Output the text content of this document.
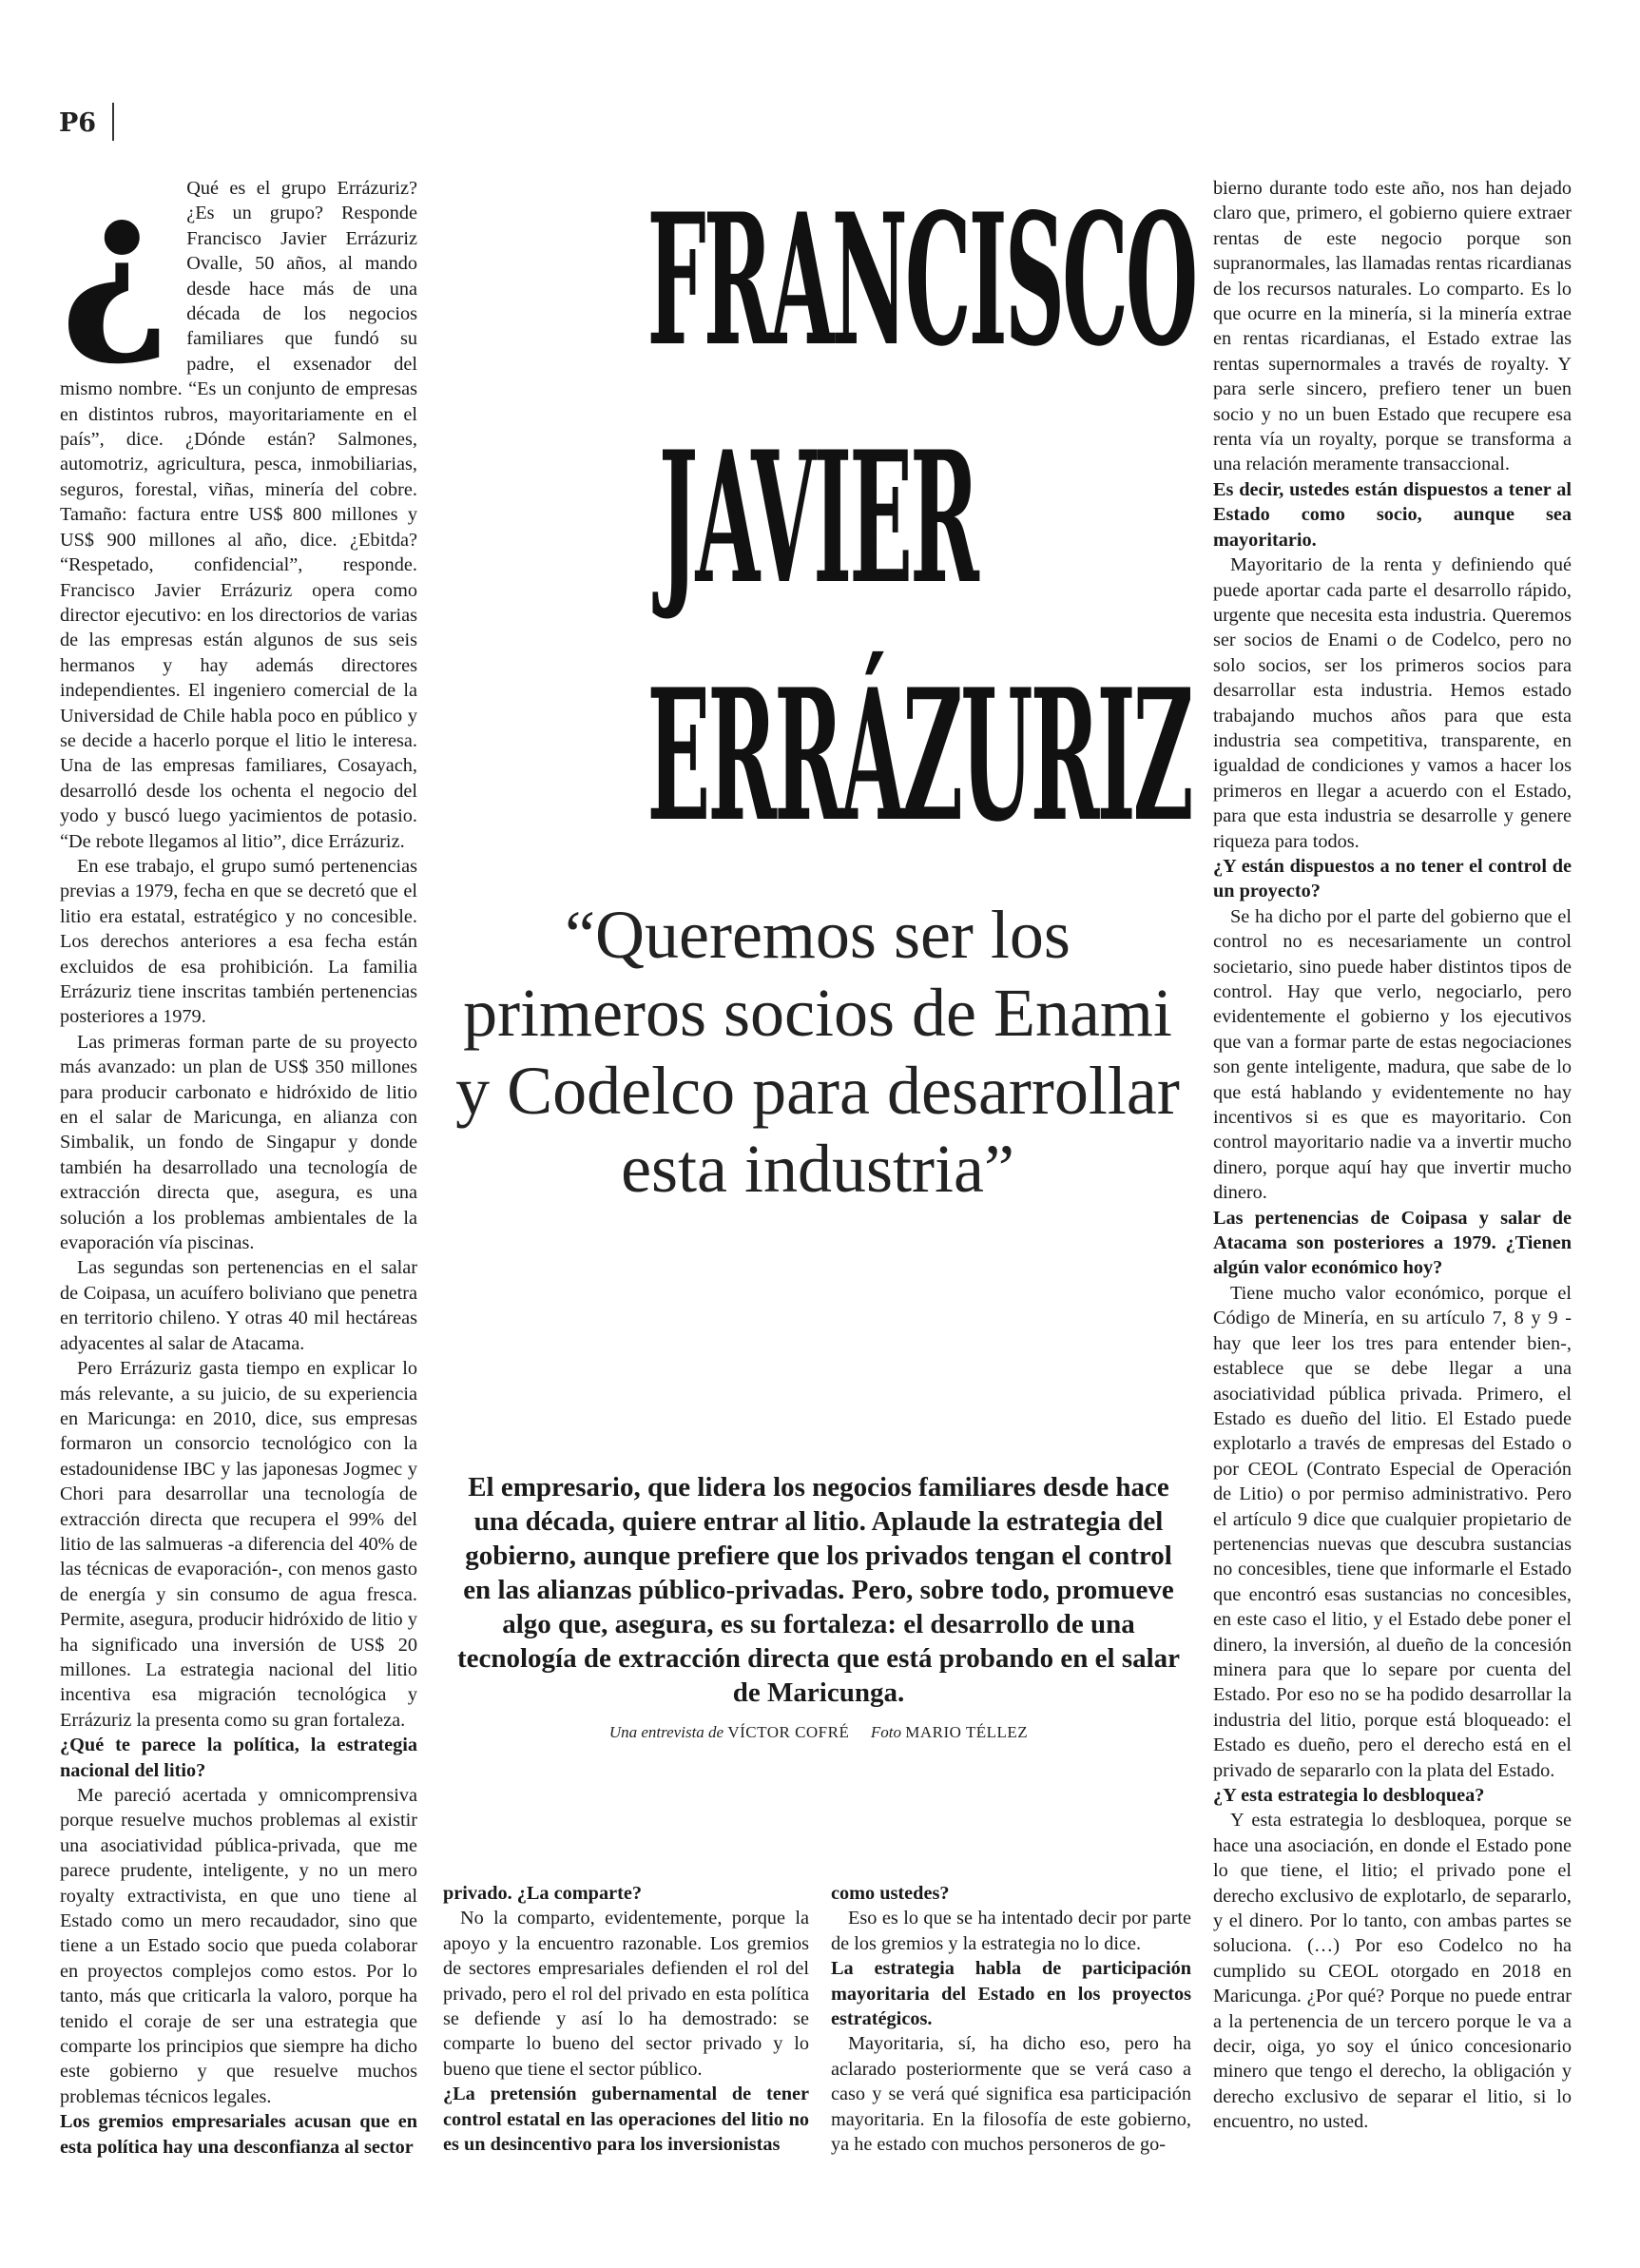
P6
FRANCISCO
JAVIER
ERRÁZURIZ

“Queremos ser los primeros socios de Enami y Codelco para desarrollar esta industria”

El empresario, que lidera los negocios familiares desde hace una década, quiere entrar al litio. Aplaude la estrategia del gobierno, aunque prefiere que los privados tengan el control en las alianzas público-privadas. Pero, sobre todo, promueve algo que, asegura, es su fortaleza: el desarrollo de una tecnología de extracción directa que está probando en el salar de Maricunga.

Una entrevista de VÍCTOR COFRÉ Foto MARIO TÉLLEZ

¿ Qué es el grupo Errázuriz? ¿Es un grupo? Responde Francisco Javier Errázuriz Ovalle, 50 años, al mando desde hace más de una década de los negocios familiares que fundó su padre, el exsenador del mismo nombre. “Es un conjunto de empresas en distintos rubros, mayoritariamente en el país”, dice. ¿Dónde están? Salmones, automotriz, agricultura, pesca, inmobiliarias, seguros, forestal, viñas, minería del cobre. Tamaño: factura entre US$ 800 millones y US$ 900 millones al año, dice. ¿Ebitda? “Respetado, confidencial”, responde. Francisco Javier Errázuriz opera como director ejecutivo: en los directorios de varias de las empresas están algunos de sus seis hermanos y hay además directores independientes. El ingeniero comercial de la Universidad de Chile habla poco en público y se decide a hacerlo porque el litio le interesa. Una de las empresas familiares, Cosayach, desarrolló desde los ochenta el negocio del yodo y buscó luego yacimientos de potasio. “De rebote llegamos al litio”, dice Errázuriz.

En ese trabajo, el grupo sumó pertenencias previas a 1979, fecha en que se decretó que el litio era estatal, estratégico y no concesible. Los derechos anteriores a esa fecha están excluidos de esa prohibición. La familia Errázuriz tiene inscritas también pertenencias posteriores a 1979.

Las primeras forman parte de su proyecto más avanzado: un plan de US$ 350 millones para producir carbonato e hidróxido de litio en el salar de Maricunga, en alianza con Simbalik, un fondo de Singapur y donde también ha desarrollado una tecnología de extracción directa que, asegura, es una solución a los problemas ambientales de la evaporación vía piscinas.

Las segundas son pertenencias en el salar de Coipasa, un acuífero boliviano que penetra en territorio chileno. Y otras 40 mil hectáreas adyacentes al salar de Atacama.

Pero Errázuriz gasta tiempo en explicar lo más relevante, a su juicio, de su experiencia en Maricunga: en 2010, dice, sus empresas formaron un consorcio tecnológico con la estadounidense IBC y las japonesas Jogmec y Chori para desarrollar una tecnología de extracción directa que recupera el 99% del litio de las salmueras -a diferencia del 40% de las técnicas de evaporación-, con menos gasto de energía y sin consumo de agua fresca. Permite, asegura, producir hidróxido de litio y ha significado una inversión de US$ 20 millones. La estrategia nacional del litio incentiva esa migración tecnológica y Errázuriz la presenta como su gran fortaleza.

¿Qué te parece la política, la estrategia nacional del litio?

Me pareció acertada y omnicomprensiva porque resuelve muchos problemas al existir una asociatividad pública-privada, que me parece prudente, inteligente, y no un mero royalty extractivista, en que uno tiene al Estado como un mero recaudador, sino que tiene a un Estado socio que pueda colaborar en proyectos complejos como estos. Por lo tanto, más que criticarla la valoro, porque ha tenido el coraje de ser una estrategia que comparte los principios que siempre ha dicho este gobierno y que resuelve muchos problemas técnicos legales.

Los gremios empresariales acusan que en esta política hay una desconfianza al sector

privado. ¿La comparte?

No la comparto, evidentemente, porque la apoyo y la encuentro razonable. Los gremios de sectores empresariales defienden el rol del privado, pero el rol del privado en esta política se defiende y así lo ha demostrado: se comparte lo bueno del sector privado y lo bueno que tiene el sector público.

¿La pretensión gubernamental de tener control estatal en las operaciones del litio no es un desincentivo para los inversionistas

como ustedes?

Eso es lo que se ha intentado decir por parte de los gremios y la estrategia no lo dice.

La estrategia habla de participación mayoritaria del Estado en los proyectos estratégicos.

Mayoritaria, sí, ha dicho eso, pero ha aclarado posteriormente que se verá caso a caso y se verá qué significa esa participación mayoritaria. En la filosofía de este gobierno, ya he estado con muchos personeros de go-

bierno durante todo este año, nos han dejado claro que, primero, el gobierno quiere extraer rentas de este negocio porque son supranormales, las llamadas rentas ricardianas de los recursos naturales. Lo comparto. Es lo que ocurre en la minería, si la minería extrae en rentas ricardianas, el Estado extrae las rentas supernormales a través de royalty. Y para serle sincero, prefiero tener un buen socio y no un buen Estado que recupere esa renta vía un royalty, porque se transforma a una relación meramente transaccional.

Es decir, ustedes están dispuestos a tener al Estado como socio, aunque sea mayoritario.

Mayoritario de la renta y definiendo qué puede aportar cada parte el desarrollo rápido, urgente que necesita esta industria. Queremos ser socios de Enami o de Codelco, pero no solo socios, ser los primeros socios para desarrollar esta industria. Hemos estado trabajando muchos años para que esta industria sea competitiva, transparente, en igualdad de condiciones y vamos a hacer los primeros en llegar a acuerdo con el Estado, para que esta industria se desarrolle y genere riqueza para todos.

¿Y están dispuestos a no tener el control de un proyecto?

Se ha dicho por el parte del gobierno que el control no es necesariamente un control societario, sino puede haber distintos tipos de control. Hay que verlo, negociarlo, pero evidentemente el gobierno y los ejecutivos que van a formar parte de estas negociaciones son gente inteligente, madura, que sabe de lo que está hablando y evidentemente no hay incentivos si es que es mayoritario. Con control mayoritario nadie va a invertir mucho dinero, porque aquí hay que invertir mucho dinero.

Las pertenencias de Coipasa y salar de Atacama son posteriores a 1979. ¿Tienen algún valor económico hoy?

Tiene mucho valor económico, porque el Código de Minería, en su artículo 7, 8 y 9 -hay que leer los tres para entender bien-, establece que se debe llegar a una asociatividad pública privada. Primero, el Estado es dueño del litio. El Estado puede explotarlo a través de empresas del Estado o por CEOL (Contrato Especial de Operación de Litio) o por permiso administrativo. Pero el artículo 9 dice que cualquier propietario de pertenencias nuevas que descubra sustancias no concesibles, tiene que informarle el Estado que encontró esas sustancias no concesibles, en este caso el litio, y el Estado debe poner el dinero, la inversión, al dueño de la concesión minera para que lo separe por cuenta del Estado. Por eso no se ha podido desarrollar la industria del litio, porque está bloqueado: el Estado es dueño, pero el derecho está en el privado de separarlo con la plata del Estado.

¿Y esta estrategia lo desbloquea?

Y esta estrategia lo desbloquea, porque se hace una asociación, en donde el Estado pone lo que tiene, el litio; el privado pone el derecho exclusivo de explotarlo, de separarlo, y el dinero. Por lo tanto, con ambas partes se soluciona. (…) Por eso Codelco no ha cumplido su CEOL otorgado en 2018 en Maricunga. ¿Por qué? Porque no puede entrar a la pertenencia de un tercero porque le va a decir, oiga, yo soy el único concesionario minero que tengo el derecho, la obligación y derecho exclusivo de separar el litio, si lo encuentro, no usted.
